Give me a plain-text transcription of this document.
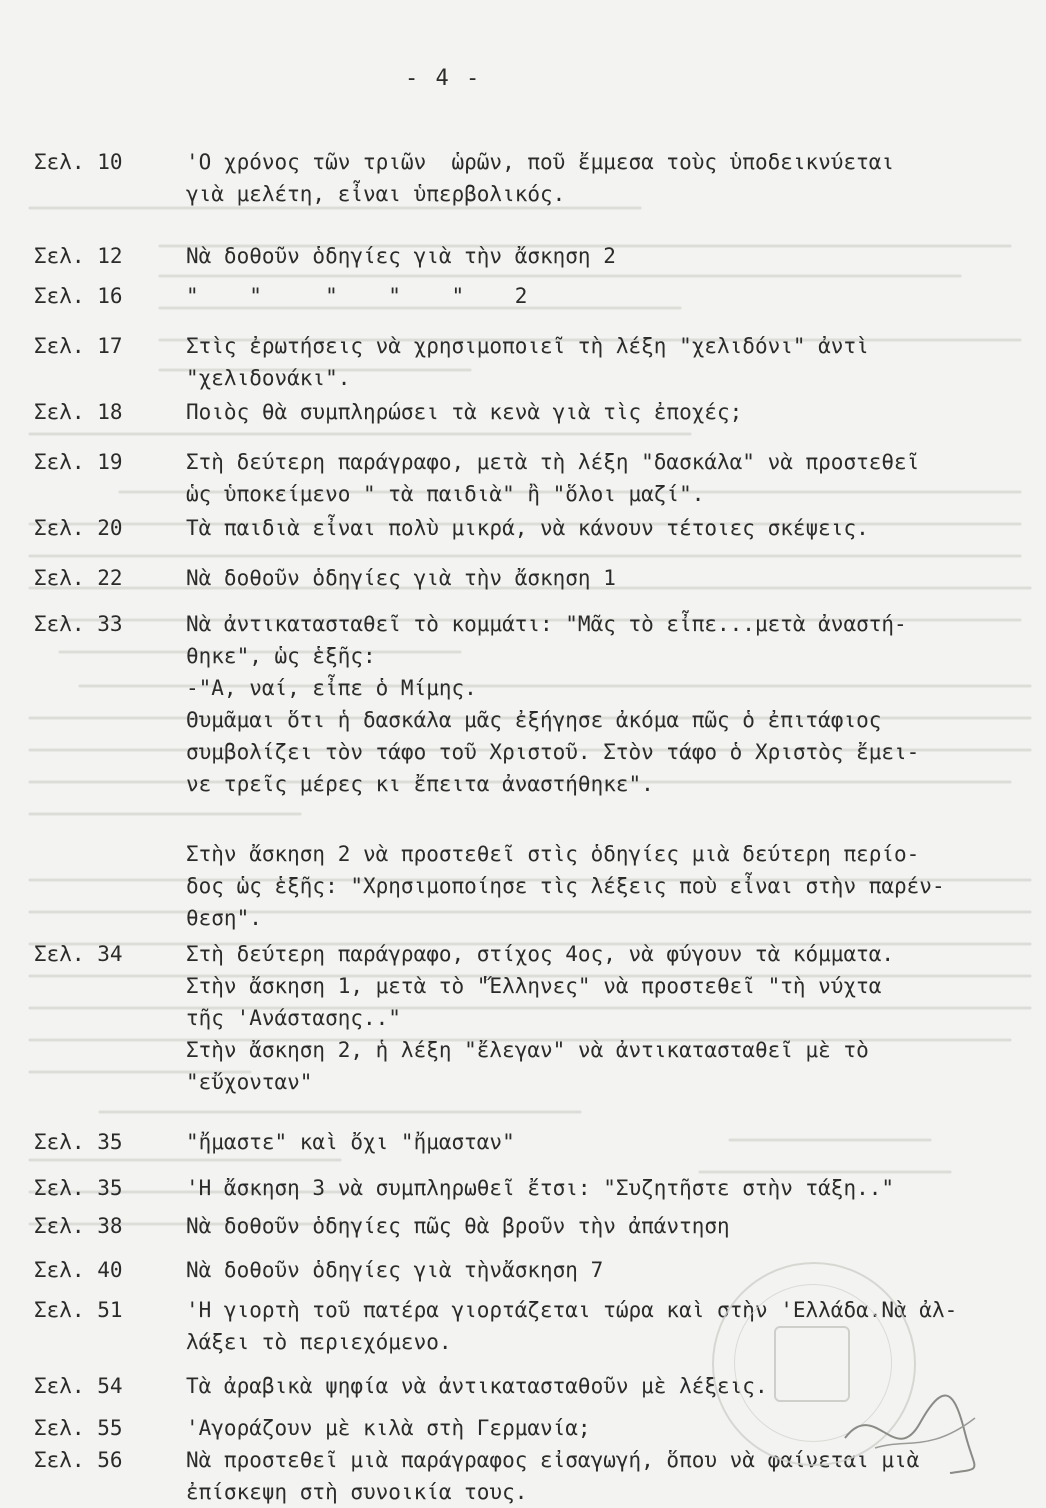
- 4 -
Σελ. 10	'Ο χρόνος τῶν τριῶν  ὡρῶν, ποῦ ἔμμεσα τοὺς ὑποδεικνύεται
γιὰ μελέτη, εἶναι ὑπερβολικός.
Σελ. 12	Νὰ δοθοῦν ὁδηγίες γιὰ τὴν ἄσκηση 2
Σελ. 16	"    "     "    "    "    2
Σελ. 17	Στὶς ἐρωτήσεις νὰ χρησιμοποιεῖ τὴ λέξη "χελιδόνι" ἀντὶ
"χελιδονάκι".
Σελ. 18	Ποιὸς θὰ συμπληρώσει τὰ κενὰ γιὰ τὶς ἐποχές;
Σελ. 19	Στὴ δεύτερη παράγραφο, μετὰ τὴ λέξη "δασκάλα" νὰ προστεθεῖ
ὡς ὑποκείμενο " τὰ παιδιὰ" ἢ "ὅλοι μαζί".
Σελ. 20	Τὰ παιδιὰ εἶναι πολὺ μικρά, νὰ κάνουν τέτοιες σκέψεις.
Σελ. 22	Νὰ δοθοῦν ὁδηγίες γιὰ τὴν ἄσκηση 1
Σελ. 33	Νὰ ἀντικατασταθεῖ τὸ κομμάτι: "Μᾶς τὸ εἶπε...μετὰ ἀναστή-
θηκε", ὡς ἑξῆς:
-"Α, ναί, εἶπε ὁ Μίμης.
Θυμᾶμαι ὅτι ἡ δασκάλα μᾶς ἐξήγησε ἀκόμα πῶς ὁ ἐπιτάφιος
συμβολίζει τὸν τάφο τοῦ Χριστοῦ. Στὸν τάφο ὁ Χριστὸς ἔμει-
νε τρεῖς μέρες κι ἔπειτα ἀναστήθηκε".
Στὴν ἄσκηση 2 νὰ προστεθεῖ στὶς ὁδηγίες μιὰ δεύτερη περίο-
δος ὡς ἑξῆς: "Χρησιμοποίησε τὶς λέξεις ποὺ εἶναι στὴν παρέν-
θεση".
Σελ. 34	Στὴ δεύτερη παράγραφο, στίχος 4ος, νὰ φύγουν τὰ κόμματα.
Στὴν ἄσκηση 1, μετὰ τὸ "Ἕλληνες" νὰ προστεθεῖ "τὴ νύχτα
τῆς 'Ανάστασης.."
Στὴν ἄσκηση 2, ἡ λέξη "ἔλεγαν" νὰ ἀντικατασταθεῖ μὲ τὸ
"εὔχονταν"
Σελ. 35	"ἤμαστε" καὶ ὄχι "ἤμασταν"
Σελ. 35	'Η ἄσκηση 3 νὰ συμπληρωθεῖ ἔτσι: "Συζητῆστε στὴν τάξη.."
Σελ. 38	Νὰ δοθοῦν ὁδηγίες πῶς θὰ βροῦν τὴν ἀπάντηση
Σελ. 40	Νὰ δοθοῦν ὁδηγίες γιὰ τὴνἄσκηση 7
Σελ. 51	'Η γιορτὴ τοῦ πατέρα γιορτάζεται τώρα καὶ στὴν 'Ελλάδα.Νὰ ἀλ-
λάξει τὸ περιεχόμενο.
Σελ. 54	Τὰ ἀραβικὰ ψηφία νὰ ἀντικατασταθοῦν μὲ λέξεις.
Σελ. 55	'Αγοράζουν μὲ κιλὰ στὴ Γερμανία;
Σελ. 56	Νὰ προστεθεῖ μιὰ παράγραφος εἰσαγωγή, ὅπου νὰ φαίνεται μιὰ
ἐπίσκεψη στὴ συνοικία τους.
